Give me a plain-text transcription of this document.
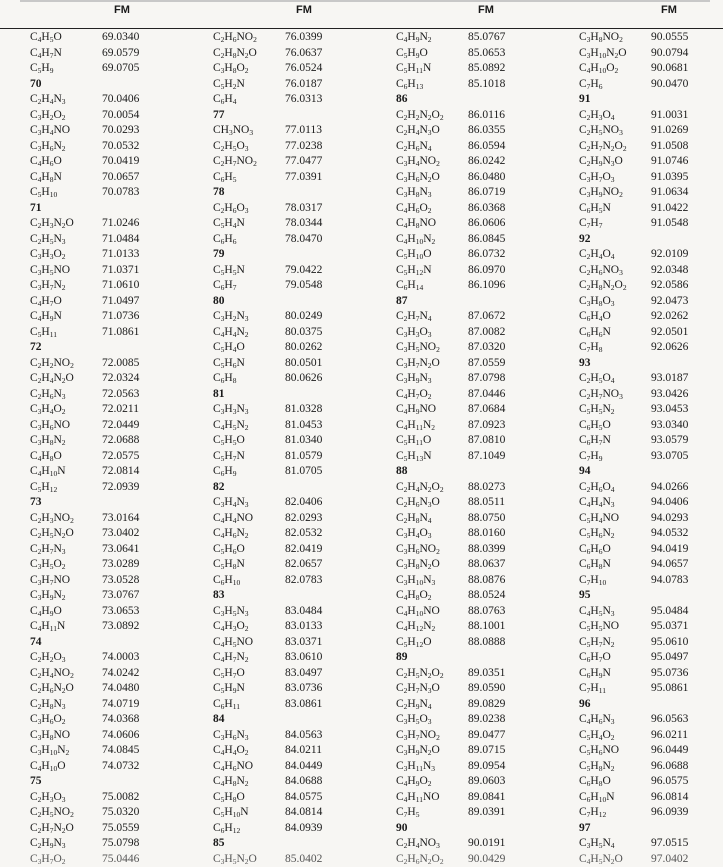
FM	FM	FM	FM
$C_4H_5O$	69.0340
$C_4H_7N$	69.0579
$C_5H_9$	69.0705
70
$C_2H_4N_3$	70.0406
$C_3H_2O_2$	70.0054
$C_3H_4NO$	70.0293
$C_3H_6N_2$	70.0532
$C_4H_6O$	70.0419
$C_4H_8N$	70.0657
$C_5H_{10}$	70.0783
71
$C_2H_3N_2O$	71.0246
$C_2H_5N_3$	71.0484
$C_3H_3O_2$	71.0133
$C_3H_5NO$	71.0371
$C_3H_7N_2$	71.0610
$C_4H_7O$	71.0497
$C_4H_9N$	71.0736
$C_5H_{11}$	71.0861
72
$C_2H_2NO_2$	72.0085
$C_2H_4N_2O$	72.0324
$C_2H_6N_3$	72.0563
$C_3H_4O_2$	72.0211
$C_3H_6NO$	72.0449
$C_3H_8N_2$	72.0688
$C_4H_8O$	72.0575
$C_4H_{10}N$	72.0814
$C_5H_{12}$	72.0939
73
$C_2H_3NO_2$	73.0164
$C_2H_5N_2O$	73.0402
$C_2H_7N_3$	73.0641
$C_3H_5O_2$	73.0289
$C_3H_7NO$	73.0528
$C_3H_9N_2$	73.0767
$C_4H_9O$	73.0653
$C_4H_{11}N$	73.0892
74
$C_2H_2O_3$	74.0003
$C_2H_4NO_2$	74.0242
$C_2H_6N_2O$	74.0480
$C_2H_8N_3$	74.0719
$C_3H_6O_2$	74.0368
$C_3H_8NO$	74.0606
$C_3H_{10}N_2$	74.0845
$C_4H_{10}O$	74.0732
75
$C_2H_3O_3$	75.0082
$C_2H_5NO_2$	75.0320
$C_2H_7N_2O$	75.0559
$C_2H_9N_3$	75.0798
$C_3H_7O_2$	75.0446
$C_2H_6NO_2$	76.0399
$C_2H_8N_2O$	76.0637
$C_3H_8O_2$	76.0524
$C_5H_2N$	76.0187
$C_6H_4$	76.0313
77
$CH_3NO_3$	77.0113
$C_2H_5O_3$	77.0238
$C_2H_7NO_2$	77.0477
$C_6H_5$	77.0391
78
$C_2H_6O_3$	78.0317
$C_5H_4N$	78.0344
$C_6H_6$	78.0470
79
$C_5H_5N$	79.0422
$C_6H_7$	79.0548
80
$C_3H_2N_3$	80.0249
$C_4H_4N_2$	80.0375
$C_5H_4O$	80.0262
$C_5H_6N$	80.0501
$C_6H_8$	80.0626
81
$C_3H_3N_3$	81.0328
$C_4H_5N_2$	81.0453
$C_5H_5O$	81.0340
$C_5H_7N$	81.0579
$C_6H_9$	81.0705
82
$C_3H_4N_3$	82.0406
$C_4H_4NO$	82.0293
$C_4H_6N_2$	82.0532
$C_5H_6O$	82.0419
$C_5H_8N$	82.0657
$C_6H_{10}$	82.0783
83
$C_3H_5N_3$	83.0484
$C_4H_3O_2$	83.0133
$C_4H_5NO$	83.0371
$C_4H_7N_2$	83.0610
$C_5H_7O$	83.0497
$C_5H_9N$	83.0736
$C_6H_{11}$	83.0861
84
$C_3H_6N_3$	84.0563
$C_4H_4O_2$	84.0211
$C_4H_6NO$	84.0449
$C_4H_8N_2$	84.0688
$C_5H_8O$	84.0575
$C_5H_{10}N$	84.0814
$C_6H_{12}$	84.0939
85
$C_3H_5N_2O$	85.0402
$C_4H_9N_2$	85.0767
$C_5H_9O$	85.0653
$C_5H_{11}N$	85.0892
$C_6H_{13}$	85.1018
86
$C_2H_2N_2O_2$	86.0116
$C_2H_4N_3O$	86.0355
$C_2H_6N_4$	86.0594
$C_3H_4NO_2$	86.0242
$C_3H_6N_2O$	86.0480
$C_3H_8N_3$	86.0719
$C_4H_6O_2$	86.0368
$C_4H_8NO$	86.0606
$C_4H_{10}N_2$	86.0845
$C_5H_{10}O$	86.0732
$C_5H_{12}N$	86.0970
$C_6H_{14}$	86.1096
87
$C_2H_7N_4$	87.0672
$C_3H_3O_3$	87.0082
$C_3H_5NO_2$	87.0320
$C_3H_7N_2O$	87.0559
$C_3H_9N_3$	87.0798
$C_4H_7O_2$	87.0446
$C_4H_9NO$	87.0684
$C_4H_{11}N_2$	87.0923
$C_5H_{11}O$	87.0810
$C_5H_{13}N$	87.1049
88
$C_2H_4N_2O_2$	88.0273
$C_2H_6N_3O$	88.0511
$C_2H_8N_4$	88.0750
$C_3H_4O_3$	88.0160
$C_3H_6NO_2$	88.0399
$C_3H_8N_2O$	88.0637
$C_3H_{10}N_3$	88.0876
$C_4H_8O_2$	88.0524
$C_4H_{10}NO$	88.0763
$C_4H_{12}N_2$	88.1001
$C_5H_{12}O$	88.0888
89
$C_2H_5N_2O_2$	89.0351
$C_2H_7N_3O$	89.0590
$C_2H_9N_4$	89.0829
$C_3H_5O_3$	89.0238
$C_3H_7NO_2$	89.0477
$C_3H_9N_2O$	89.0715
$C_3H_{11}N_3$	89.0954
$C_4H_9O_2$	89.0603
$C_4H_{11}NO$	89.0841
$C_7H_5$	89.0391
90
$C_2H_4NO_3$	90.0191
$C_2H_6N_2O_2$	90.0429
$C_3H_8NO_2$	90.0555
$C_3H_{10}N_2O$	90.0794
$C_4H_{10}O_2$	90.0681
$C_7H_6$	90.0470
91
$C_2H_3O_4$	91.0031
$C_2H_5NO_3$	91.0269
$C_2H_7N_2O_2$	91.0508
$C_2H_9N_3O$	91.0746
$C_3H_7O_3$	91.0395
$C_3H_9NO_2$	91.0634
$C_6H_5N$	91.0422
$C_7H_7$	91.0548
92
$C_2H_4O_4$	92.0109
$C_2H_6NO_3$	92.0348
$C_2H_8N_2O_2$	92.0586
$C_3H_8O_3$	92.0473
$C_6H_4O$	92.0262
$C_6H_6N$	92.0501
$C_7H_8$	92.0626
93
$C_2H_5O_4$	93.0187
$C_2H_7NO_3$	93.0426
$C_5H_5N_2$	93.0453
$C_6H_5O$	93.0340
$C_6H_7N$	93.0579
$C_7H_9$	93.0705
94
$C_2H_6O_4$	94.0266
$C_4H_4N_3$	94.0406
$C_5H_4NO$	94.0293
$C_5H_6N_2$	94.0532
$C_6H_6O$	94.0419
$C_6H_8N$	94.0657
$C_7H_{10}$	94.0783
95
$C_4H_5N_3$	95.0484
$C_5H_5NO$	95.0371
$C_5H_7N_2$	95.0610
$C_6H_7O$	95.0497
$C_6H_9N$	95.0736
$C_7H_{11}$	95.0861
96
$C_4H_6N_3$	96.0563
$C_5H_4O_2$	96.0211
$C_5H_6NO$	96.0449
$C_5H_8N_2$	96.0688
$C_6H_8O$	96.0575
$C_6H_{10}N$	96.0814
$C_7H_{12}$	96.0939
97
$C_3H_5N_4$	97.0515
$C_4H_5N_2O$	97.0402
